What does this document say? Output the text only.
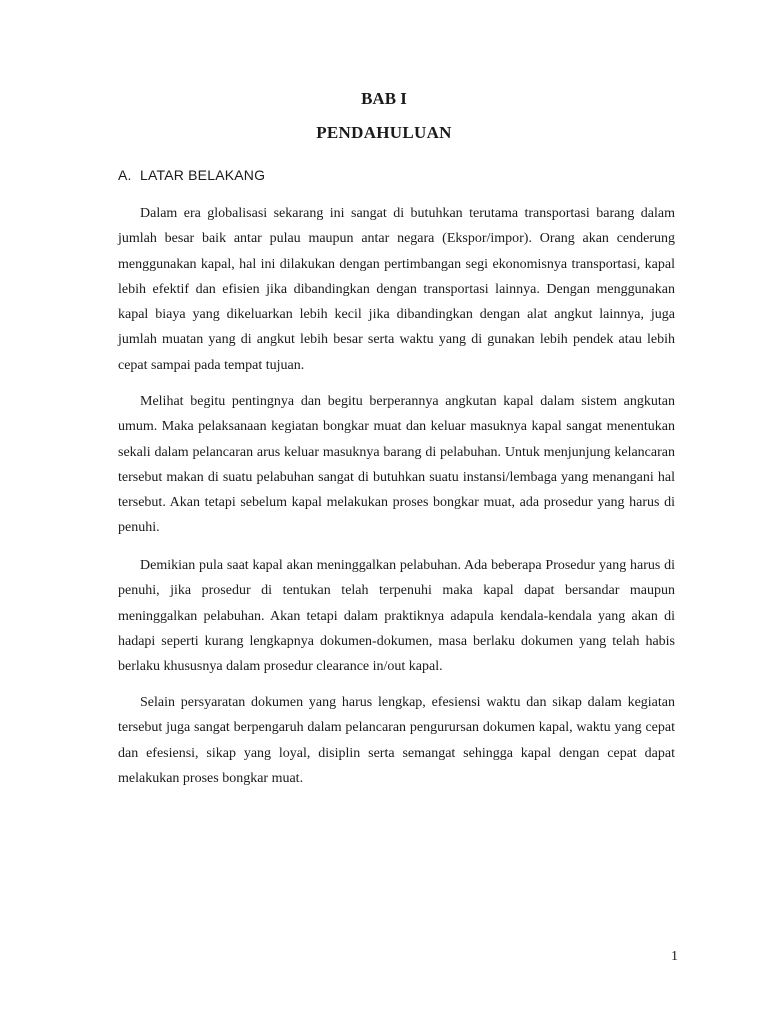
BAB I
PENDAHULUAN
A. LATAR BELAKANG

Dalam era globalisasi sekarang ini sangat di butuhkan terutama transportasi barang dalam jumlah besar baik antar pulau maupun antar negara (Ekspor/impor). Orang akan cenderung menggunakan kapal, hal ini dilakukan dengan pertimbangan segi ekonomisnya transportasi, kapal lebih efektif dan efisien jika dibandingkan dengan transportasi lainnya. Dengan menggunakan kapal biaya yang dikeluarkan lebih kecil jika dibandingkan dengan alat angkut lainnya, juga jumlah muatan yang di angkut lebih besar serta waktu yang di gunakan lebih pendek atau lebih cepat sampai pada tempat tujuan.

Melihat begitu pentingnya dan begitu berperannya angkutan kapal dalam sistem angkutan umum. Maka pelaksanaan kegiatan bongkar muat dan keluar masuknya kapal sangat menentukan sekali dalam pelancaran arus keluar masuknya barang di pelabuhan. Untuk menjunjung kelancaran tersebut makan di suatu pelabuhan sangat di butuhkan suatu instansi/lembaga yang menangani hal tersebut. Akan tetapi sebelum kapal melakukan proses bongkar muat, ada prosedur yang harus di penuhi.

Demikian pula saat kapal akan meninggalkan pelabuhan. Ada beberapa Prosedur yang harus di penuhi, jika prosedur di tentukan telah terpenuhi maka kapal dapat bersandar maupun meninggalkan pelabuhan. Akan tetapi dalam praktiknya adapula kendala-kendala yang akan di hadapi seperti kurang lengkapnya dokumen-dokumen, masa berlaku dokumen yang telah habis berlaku khususnya dalam prosedur clearance in/out kapal.

Selain persyaratan dokumen yang harus lengkap, efesiensi waktu dan sikap dalam kegiatan tersebut juga sangat berpengaruh dalam pelancaran pengurursan dokumen kapal, waktu yang cepat dan efesiensi, sikap yang loyal, disiplin serta semangat sehingga kapal dengan cepat dapat melakukan proses bongkar muat.

1
